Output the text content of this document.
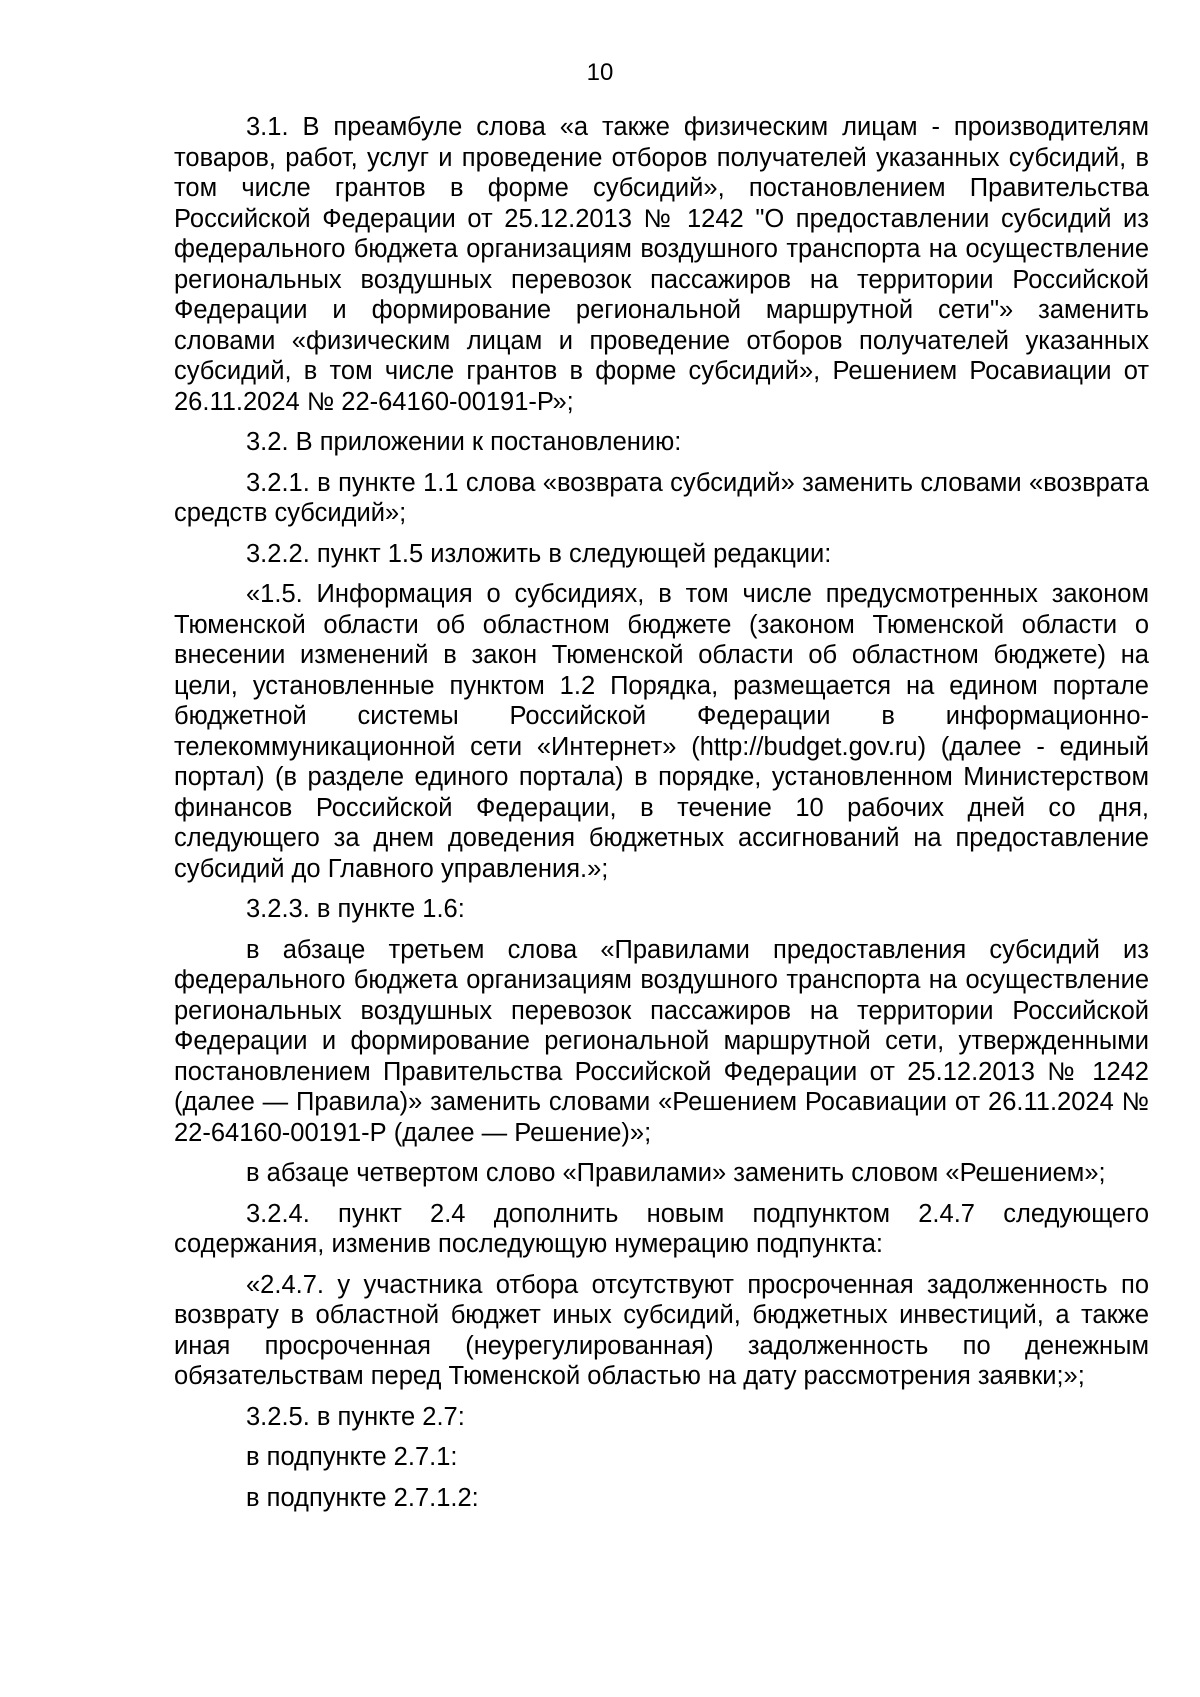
10

3.1. В преамбуле слова «а также физическим лицам - производителям товаров, работ, услуг и проведение отборов получателей указанных субсидий, в том числе грантов в форме субсидий», постановлением Правительства Российской Федерации от 25.12.2013 № 1242 "О предоставлении субсидий из федерального бюджета организациям воздушного транспорта на осуществление региональных воздушных перевозок пассажиров на территории Российской Федерации и формирование региональной маршрутной сети"» заменить словами «физическим лицам и проведение отборов получателей указанных субсидий, в том числе грантов в форме субсидий», Решением Росавиации от 26.11.2024 № 22-64160-00191-Р»;

3.2. В приложении к постановлению:

3.2.1. в пункте 1.1 слова «возврата субсидий» заменить словами «возврата средств субсидий»;

3.2.2. пункт 1.5 изложить в следующей редакции:

«1.5. Информация о субсидиях, в том числе предусмотренных законом Тюменской области об областном бюджете (законом Тюменской области о внесении изменений в закон Тюменской области об областном бюджете) на цели, установленные пунктом 1.2 Порядка, размещается на едином портале бюджетной системы Российской Федерации в информационно-телекоммуникационной сети «Интернет» (http://budget.gov.ru) (далее - единый портал) (в разделе единого портала) в порядке, установленном Министерством финансов Российской Федерации, в течение 10 рабочих дней со дня, следующего за днем доведения бюджетных ассигнований на предоставление субсидий до Главного управления.»;

3.2.3. в пункте 1.6:

в абзаце третьем слова «Правилами предоставления субсидий из федерального бюджета организациям воздушного транспорта на осуществление региональных воздушных перевозок пассажиров на территории Российской Федерации и формирование региональной маршрутной сети, утвержденными постановлением Правительства Российской Федерации от 25.12.2013 № 1242 (далее — Правила)» заменить словами «Решением Росавиации от 26.11.2024 № 22-64160-00191-Р (далее — Решение)»;

в абзаце четвертом слово «Правилами» заменить словом «Решением»;

3.2.4. пункт 2.4 дополнить новым подпунктом 2.4.7 следующего содержания, изменив последующую нумерацию подпункта:

«2.4.7. у участника отбора отсутствуют просроченная задолженность по возврату в областной бюджет иных субсидий, бюджетных инвестиций, а также иная просроченная (неурегулированная) задолженность по денежным обязательствам перед Тюменской областью на дату рассмотрения заявки;»;

3.2.5. в пункте 2.7:

в подпункте 2.7.1:

в подпункте 2.7.1.2:
